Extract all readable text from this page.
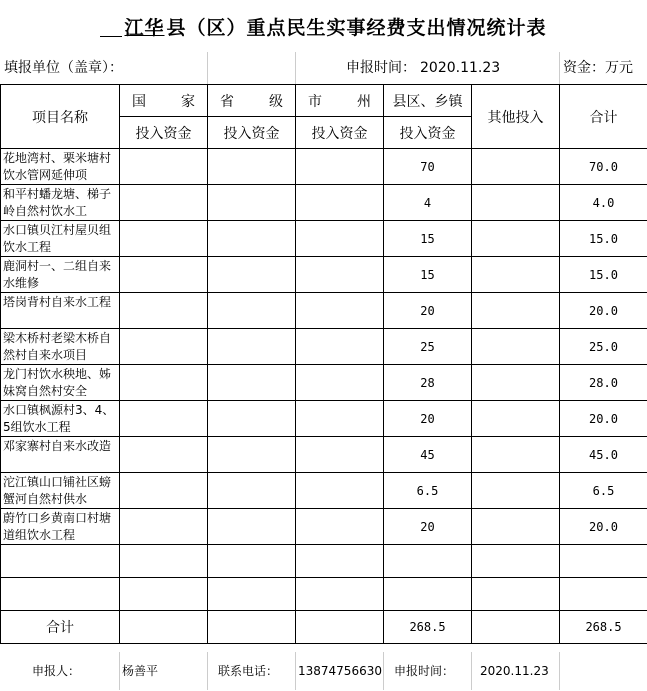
江华 县（区）重点民生实事经费支出情况统计表
填报单位（盖章）：	申报时间： 2020.11.23	资金：万元
项目名称	国 家	省 级	市 州	县区、乡镇	其他投入	合计
	投入资金	投入资金	投入资金	投入资金		

花地湾村、栗米塘村饮水管网延伸项				70		70.0

和平村蟠龙塘、梯子岭自然村饮水工				4		4.0

水口镇贝江村屋贝组饮水工程				15		15.0

鹿洞村一、二组自来水维修				15		15.0

塔岗背村自来水工程				20		20.0

梁木桥村老梁木桥自然村自来水项目				25		25.0

龙门村饮水秧地、姊妹窝自然村安全				28		28.0

水口镇枫源村3、4、5组饮水工程				20		20.0

邓家寨村自来水改造				45		45.0

沱江镇山口铺社区螃蟹河自然村供水				6.5		6.5

蔚竹口乡黄南口村塘道组饮水工程				20		20.0

合计				268.5		268.5
申报人：	杨善平	联系电话： 13874756630 申报时间： 2020.11.23
